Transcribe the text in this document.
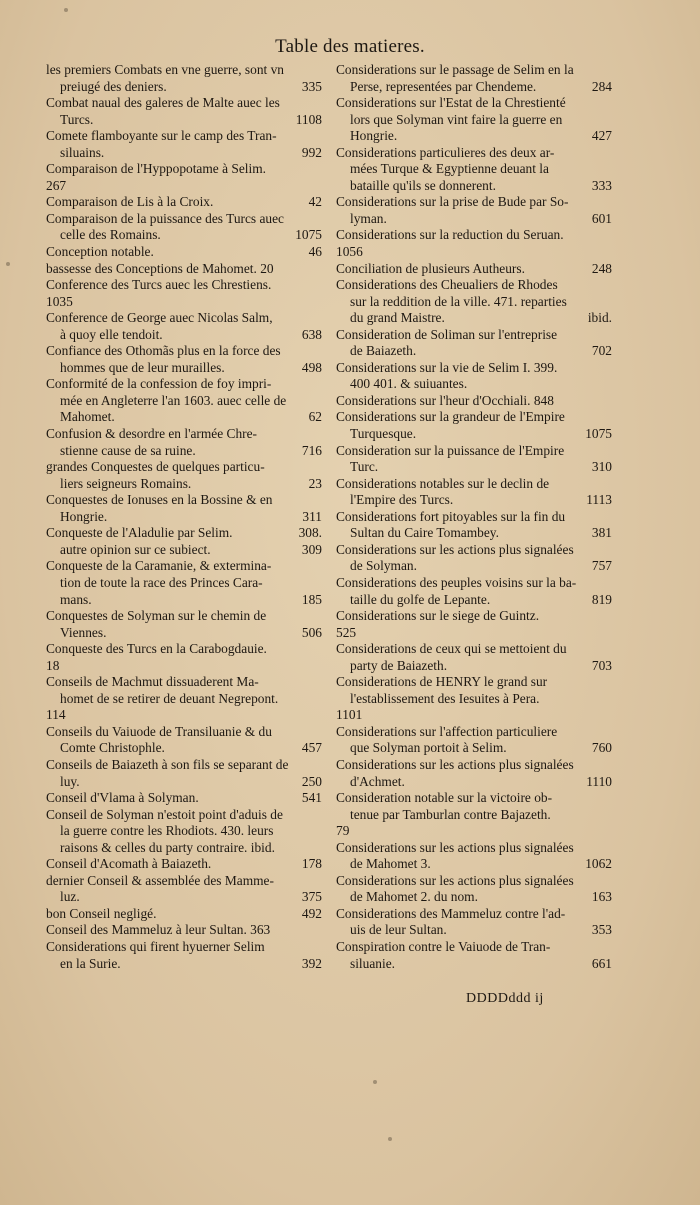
Table des matieres.
les premiers Combats en vne guerre, sont vn
preiugé des deniers.	335
Combat naual des galeres de Malte auec les
Turcs.	1108
Comete flamboyante sur le camp des Tran-
siluains.	992
Comparaison de l'Hyppopotame à Selim.
267
Comparaison de Lis à la Croix.	42
Comparaison de la puissance des Turcs auec
celle des Romains.	1075
Conception notable.	46
bassesse des Conceptions de Mahomet. 20
Conference des Turcs auec les Chrestiens.
1035
Conference de George auec Nicolas Salm,
à quoy elle tendoit.	638
Confiance des Othomãs plus en la force des
hommes que de leur murailles.	498
Conformité de la confession de foy impri-
mée en Angleterre l'an 1603. auec celle de
Mahomet.	62
Confusion & desordre en l'armée Chre-
stienne cause de sa ruine.	716
grandes Conquestes de quelques particu-
liers seigneurs Romains.	23
Conquestes de Ionuses en la Bossine & en
Hongrie.	311
Conqueste de l'Aladulie par Selim.	308.
autre opinion sur ce subiect.	309
Conqueste de la Caramanie, & extermina-
tion de toute la race des Princes Cara-
mans.	185
Conquestes de Solyman sur le chemin de
Viennes.	506
Conqueste des Turcs en la Carabogdauie.
18
Conseils de Machmut dissuaderent Ma-
homet de se retirer de deuant Negrepont.
114
Conseils du Vaiuode de Transiluanie & du
Comte Christophle.	457
Conseils de Baiazeth à son fils se separant de
luy.	250
Conseil d'Vlama à Solyman.	541
Conseil de Solyman n'estoit point d'aduis de
la guerre contre les Rhodiots. 430. leurs
raisons & celles du party contraire. ibid.
Conseil d'Acomath à Baiazeth.	178
dernier Conseil & assemblée des Mamme-
luz.	375
bon Conseil negligé.	492
Conseil des Mammeluz à leur Sultan. 363
Considerations qui firent hyuerner Selim
en la Surie.	392
Considerations sur le passage de Selim en la
Perse, representées par Chendeme.	284
Considerations sur l'Estat de la Chrestienté
lors que Solyman vint faire la guerre en
Hongrie.	427
Considerations particulieres des deux ar-
mées Turque & Egyptienne deuant la
bataille qu'ils se donnerent.	333
Considerations sur la prise de Bude par So-
lyman.	601
Considerations sur la reduction du Seruan.
1056
Conciliation de plusieurs Autheurs.	248
Considerations des Cheualiers de Rhodes
sur la reddition de la ville. 471. reparties
du grand Maistre.	ibid.
Consideration de Soliman sur l'entreprise
de Baiazeth.	702
Considerations sur la vie de Selim I. 399.
400 401. & suiuantes.
Considerations sur l'heur d'Occhiali. 848
Considerations sur la grandeur de l'Empire
Turquesque.	1075
Consideration sur la puissance de l'Empire
Turc.	310
Considerations notables sur le declin de
l'Empire des Turcs.	1113
Considerations fort pitoyables sur la fin du
Sultan du Caire Tomambey.	381
Considerations sur les actions plus signalées
de Solyman.	757
Considerations des peuples voisins sur la ba-
taille du golfe de Lepante.	819
Considerations sur le siege de Guintz.
525
Considerations de ceux qui se mettoient du
party de Baiazeth.	703
Considerations de HENRY le grand sur
l'establissement des Iesuites à Pera.
1101
Considerations sur l'affection particuliere
que Solyman portoit à Selim.	760
Considerations sur les actions plus signalées
d'Achmet.	1110
Consideration notable sur la victoire ob-
tenue par Tamburlan contre Bajazeth.
79
Considerations sur les actions plus signalées
de Mahomet 3.	1062
Considerations sur les actions plus signalées
de Mahomet 2. du nom.	163
Considerations des Mammeluz contre l'ad-
uis de leur Sultan.	353
Conspiration contre le Vaiuode de Tran-
siluanie.	661
DDDDddd ij
